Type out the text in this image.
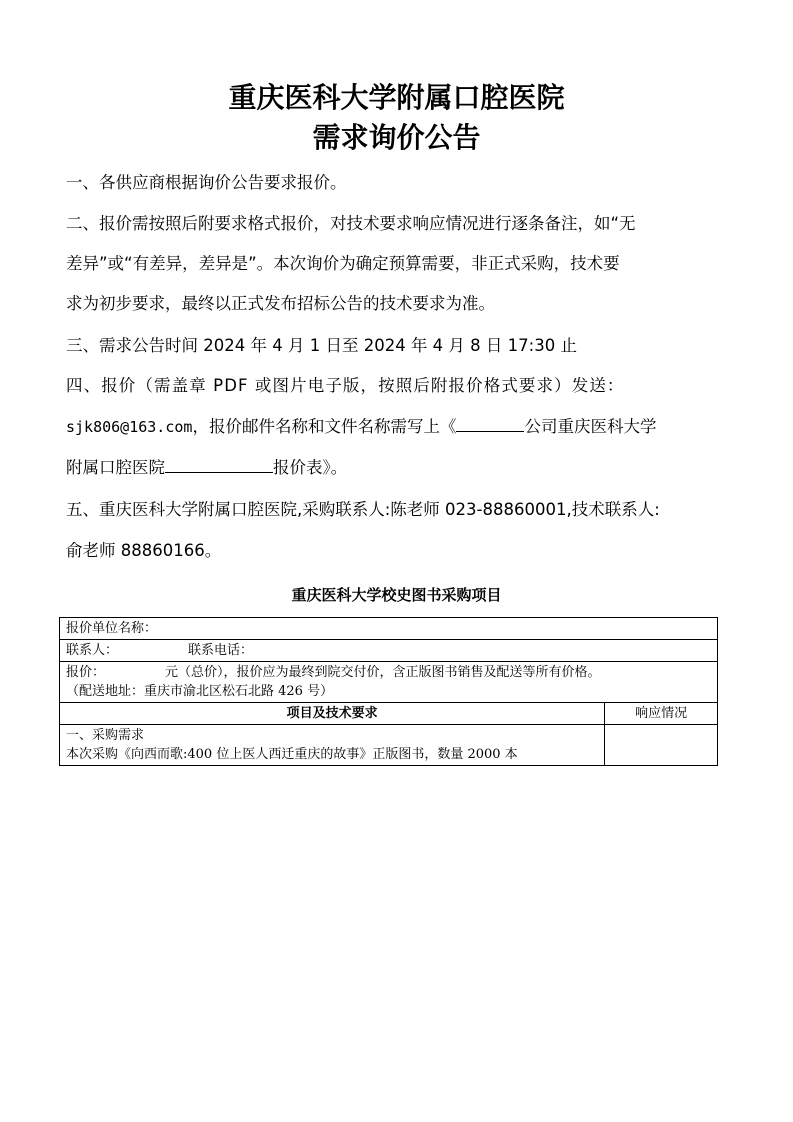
重庆医科大学附属口腔医院
需求询价公告

一、各供应商根据询价公告要求报价。

二、报价需按照后附要求格式报价，对技术要求响应情况进行逐条备注，如“无

差异”或“有差异，差异是”。本次询价为确定预算需要，非正式采购，技术要

求为初步要求，最终以正式发布招标公告的技术要求为准。

三、需求公告时间 2024 年 4 月 1 日至 2024 年 4 月 8 日 17:30 止

四、报价（需盖章 PDF 或图片电子版，按照后附报价格式要求）发送：

sjk806@163.com，报价邮件名称和文件名称需写上《	公司重庆医科大学

附属口腔医院	报价表》。

五、重庆医科大学附属口腔医院,采购联系人:陈老师 023-88860001,技术联系人:

俞老师 88860166。

重庆医科大学校史图书采购项目
报价单位名称：	
联系人： 联系电话：	
报价： 元（总价），报价应为最终到院交付价，含正版图书销售及配送等所有价格。
（配送地址：重庆市渝北区松石北路 426 号）	
项目及技术要求	响应情况
一、采购需求
本次采购《向西而歌:400 位上医人西迁重庆的故事》正版图书，数量 2000 本	
